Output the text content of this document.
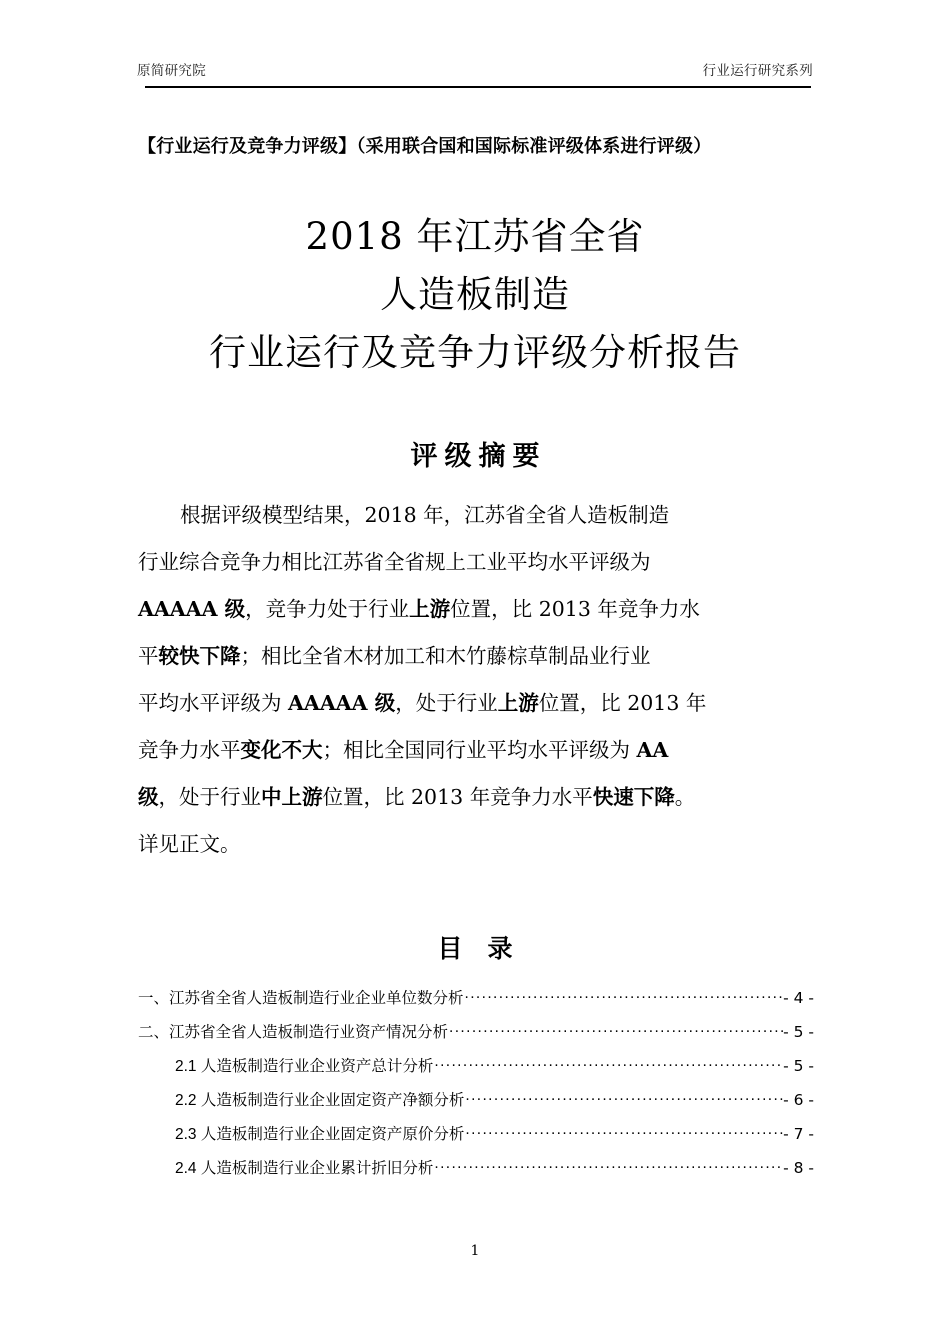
原简研究院	行业运行研究系列
【行业运行及竞争力评级】（采用联合国和国际标准评级体系进行评级）
2018 年江苏省全省
人造板制造
行业运行及竞争力评级分析报告
评级摘要
根据评级模型结果，2018 年，江苏省全省人造板制造
行业综合竞争力相比江苏省全省规上工业平均水平评级为
AAAAA 级，竞争力处于行业上游位置，比 2013 年竞争力水
平较快下降；相比全省木材加工和木竹藤棕草制品业行业
平均水平评级为 AAAAA 级，处于行业上游位置，比 2013 年
竞争力水平变化不大；相比全国同行业平均水平评级为 AA
级，处于行业中上游位置，比 2013 年竞争力水平快速下降。
详见正文。
目 录
一、江苏省全省人造板制造行业企业单位数分析 .....	- 4 -
二、江苏省全省人造板制造行业资产情况分析 .....	- 5 -
2.1 人造板制造行业企业资产总计分析 .....	- 5 -
2.2 人造板制造行业企业固定资产净额分析 .....	- 6 -
2.3 人造板制造行业企业固定资产原价分析 .....	- 7 -
2.4 人造板制造行业企业累计折旧分析 .....	- 8 -
1
